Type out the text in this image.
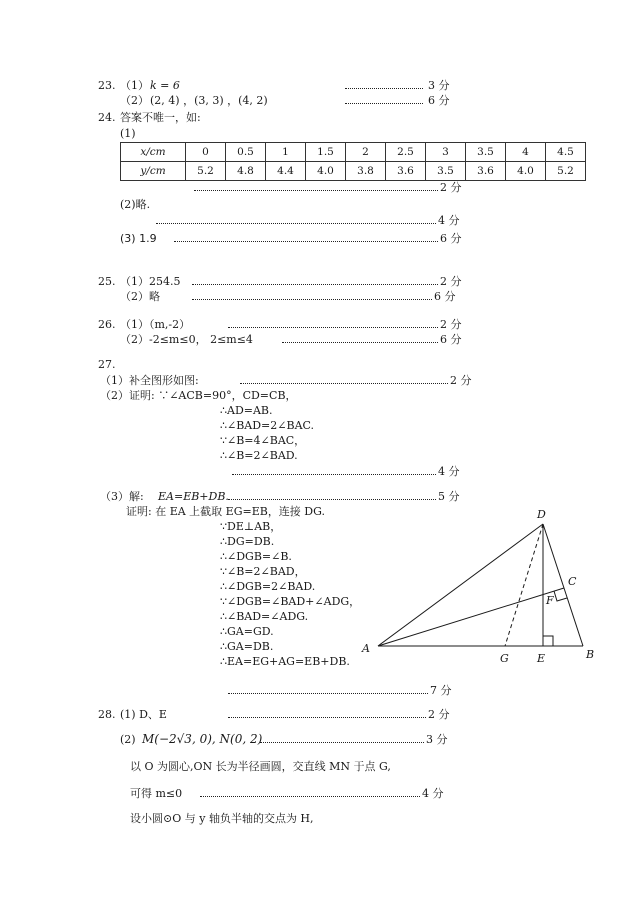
23. （1） k = 6	3 分
（2） (2, 4) ，(3, 3) ，(4, 2)	6 分
24. 答案不唯一，如:
(1)
x/cm	0	0.5	1	1.5	2	2.5	3	3.5	4	4.5
y/cm	5.2	4.8	4.4	4.0	3.8	3.6	3.5	3.6	4.0	5.2
2 分
(2)略.
4 分
(3) 1.9	6 分
25. （1）254.5	2 分
（2）略	6 分
26. （1）（m,-2）	2 分
（2）-2≤m≤0， 2≤m≤4	6 分
27.
（1）补全图形如图:	2 分
（2）证明: ∵∠ACB=90°，CD=CB，
∴AD=AB.
∴∠BAD=2∠BAC.
∵∠B=4∠BAC，
∴∠B=2∠BAD.
4 分
（3）解: EA=EB+DB.	5 分
证明: 在 EA 上截取 EG=EB，连接 DG.
∵DE⊥AB，
∴DG=DB.
∴∠DGB=∠B.
∵∠B=2∠BAD，
∴∠DGB=2∠BAD.
∵∠DGB=∠BAD+∠ADG，
∴∠BAD=∠ADG.
∴GA=GD.
∴GA=DB.
∴EA=EG+AG=EB+DB.
7 分
D
C
F
A
G	E	B
28. (1) D、E	2 分
(2) M(−2√3, 0), N(0, 2)	3 分
以 O 为圆心,ON 长为半径画圆，交直线 MN 于点 G,
可得 m≤0	4 分
设小圆⊙O 与 y 轴负半轴的交点为 H,
